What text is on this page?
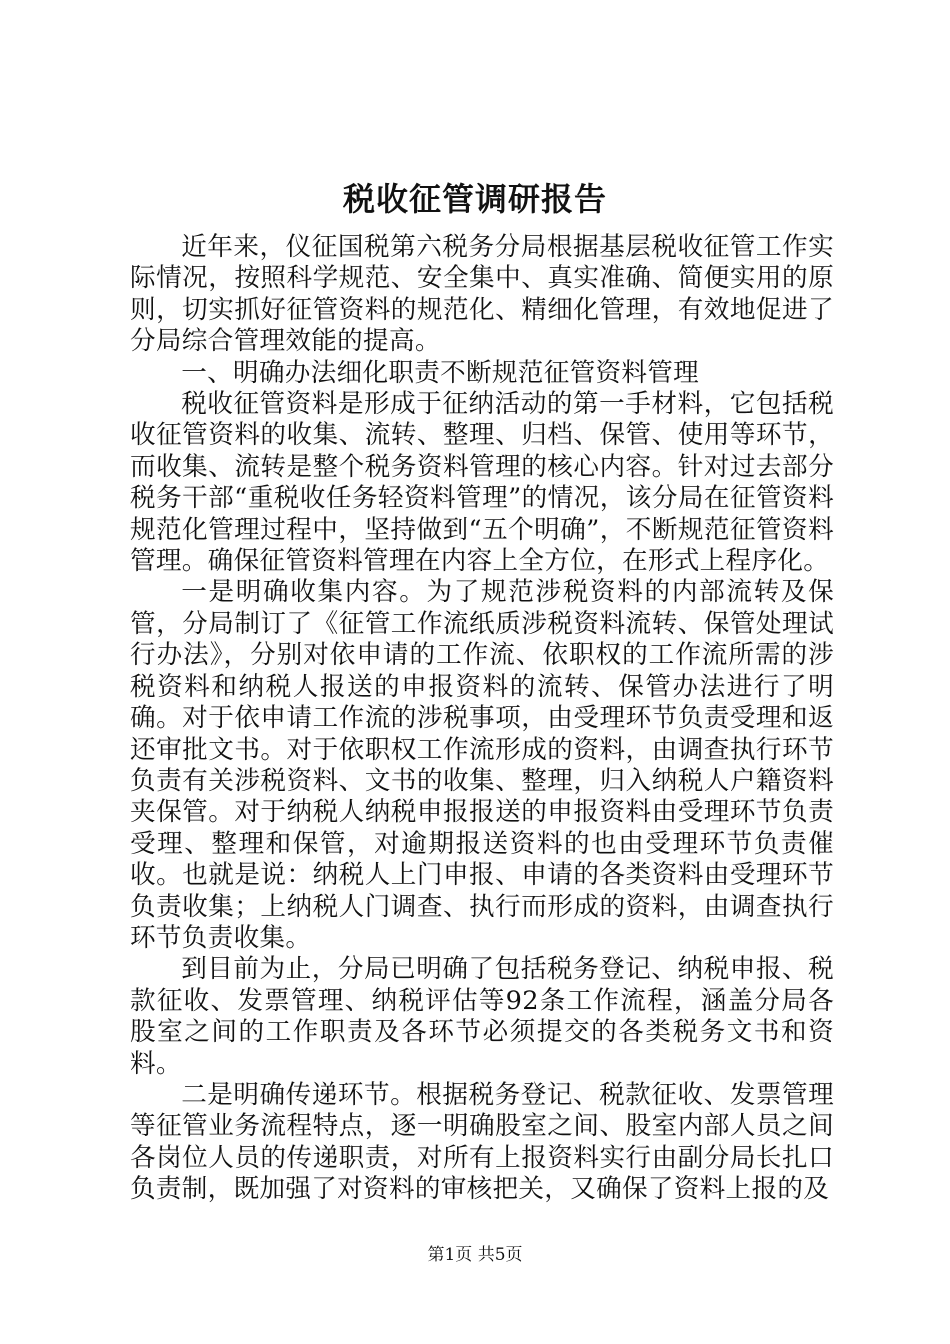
税收征管调研报告

近年来，仪征国税第六税务分局根据基层税收征管工作实际情况，按照科学规范、安全集中、真实准确、简便实用的原则，切实抓好征管资料的规范化、精细化管理，有效地促进了分局综合管理效能的提高。

一、明确办法细化职责不断规范征管资料管理

税收征管资料是形成于征纳活动的第一手材料，它包括税收征管资料的收集、流转、整理、归档、保管、使用等环节，而收集、流转是整个税务资料管理的核心内容。针对过去部分税务干部“重税收任务轻资料管理”的情况，该分局在征管资料规范化管理过程中，坚持做到“五个明确”，不断规范征管资料管理。确保征管资料管理在内容上全方位，在形式上程序化。

一是明确收集内容。为了规范涉税资料的内部流转及保管，分局制订了《征管工作流纸质涉税资料流转、保管处理试行办法》，分别对依申请的工作流、依职权的工作流所需的涉税资料和纳税人报送的申报资料的流转、保管办法进行了明确。对于依申请工作流的涉税事项，由受理环节负责受理和返还审批文书。对于依职权工作流形成的资料，由调查执行环节负责有关涉税资料、文书的收集、整理，归入纳税人户籍资料夹保管。对于纳税人纳税申报报送的申报资料由受理环节负责受理、整理和保管，对逾期报送资料的也由受理环节负责催收。也就是说：纳税人上门申报、申请的各类资料由受理环节负责收集；上纳税人门调查、执行而形成的资料，由调查执行环节负责收集。

到目前为止，分局已明确了包括税务登记、纳税申报、税款征收、发票管理、纳税评估等92条工作流程，涵盖分局各股室之间的工作职责及各环节必须提交的各类税务文书和资料。

二是明确传递环节。根据税务登记、税款征收、发票管理等征管业务流程特点，逐一明确股室之间、股室内部人员之间各岗位人员的传递职责，对所有上报资料实行由副分局长扎口负责制，既加强了对资料的审核把关，又确保了资料上报的及

第1页 共5页
